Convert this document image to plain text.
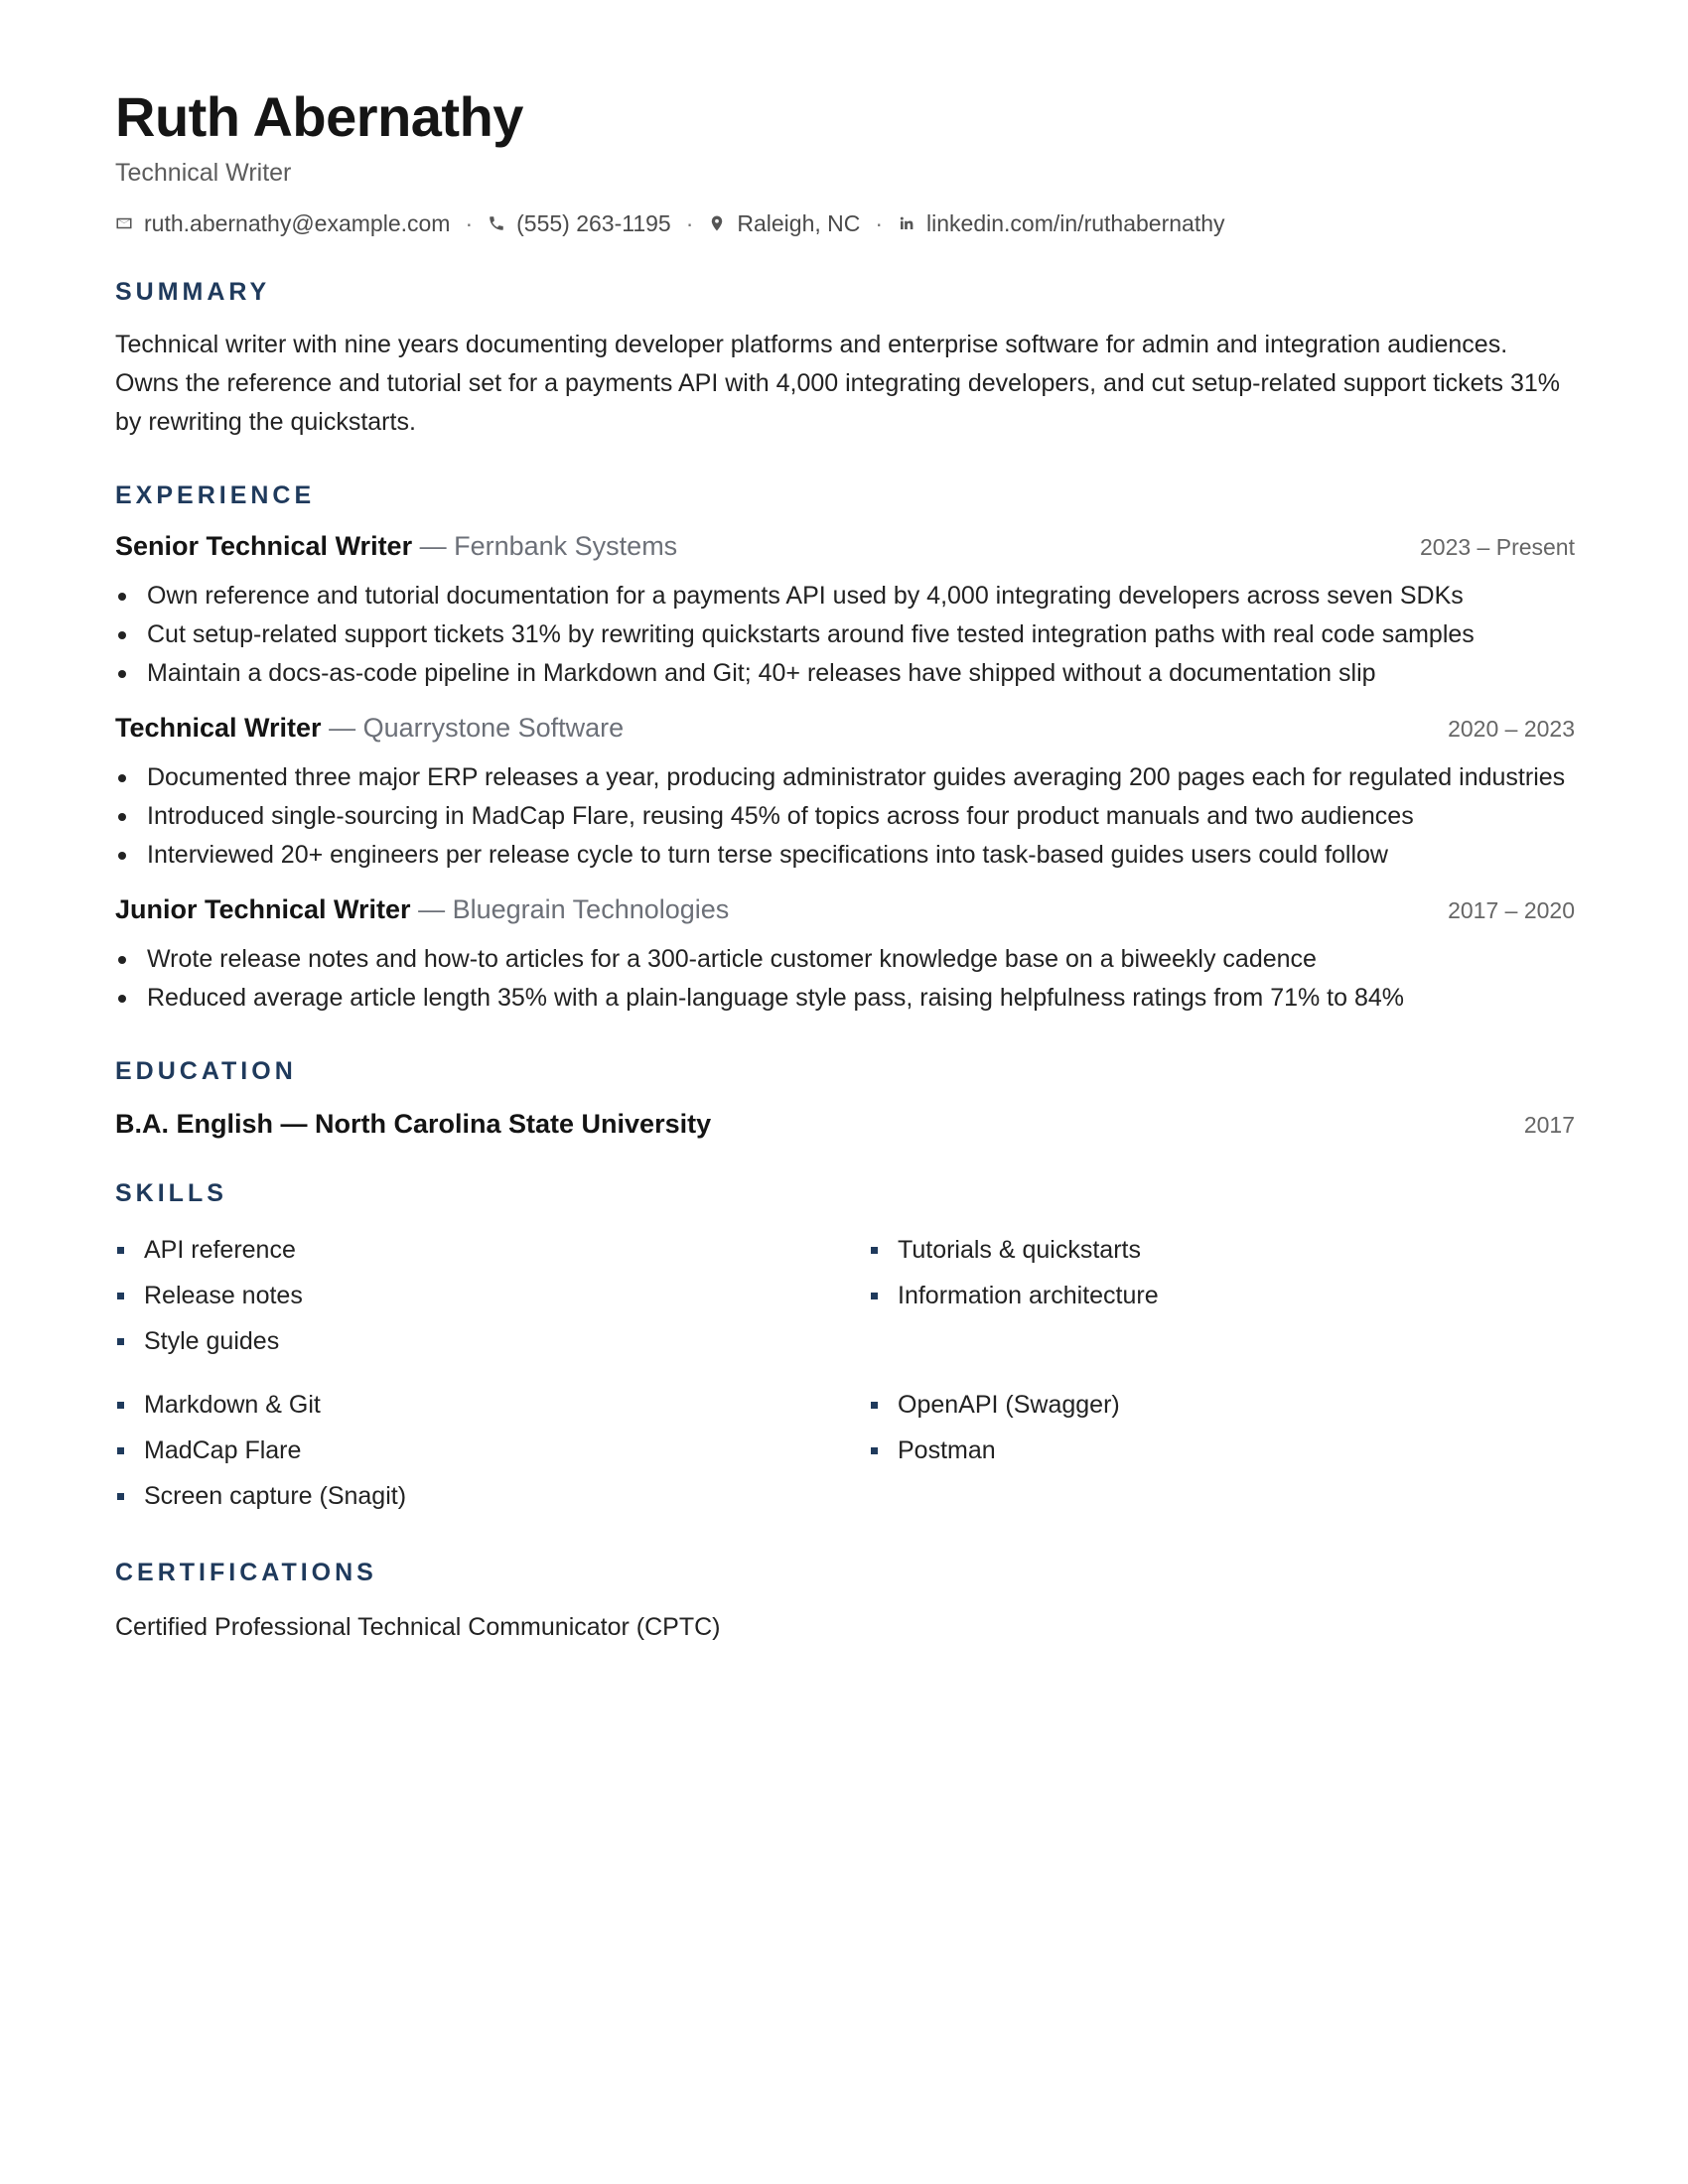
Ruth Abernathy
Technical Writer
ruth.abernathy@example.com · (555) 263-1195 · Raleigh, NC · linkedin.com/in/ruthabernathy
SUMMARY

Technical writer with nine years documenting developer platforms and enterprise software for admin and integration audiences. Owns the reference and tutorial set for a payments API with 4,000 integrating developers, and cut setup-related support tickets 31% by rewriting the quickstarts.

EXPERIENCE
Senior Technical Writer — Fernbank Systems	2023 – Present
Own reference and tutorial documentation for a payments API used by 4,000 integrating developers across seven SDKs
Cut setup-related support tickets 31% by rewriting quickstarts around five tested integration paths with real code samples
Maintain a docs-as-code pipeline in Markdown and Git; 40+ releases have shipped without a documentation slip
Technical Writer — Quarrystone Software	2020 – 2023
Documented three major ERP releases a year, producing administrator guides averaging 200 pages each for regulated industries
Introduced single-sourcing in MadCap Flare, reusing 45% of topics across four product manuals and two audiences
Interviewed 20+ engineers per release cycle to turn terse specifications into task-based guides users could follow
Junior Technical Writer — Bluegrain Technologies	2017 – 2020
Wrote release notes and how-to articles for a 300-article customer knowledge base on a biweekly cadence
Reduced average article length 35% with a plain-language style pass, raising helpfulness ratings from 71% to 84%
EDUCATION
B.A. English — North Carolina State University	2017
SKILLS
API reference
Release notes
Style guides
Tutorials & quickstarts
Information architecture
Markdown & Git
MadCap Flare
Screen capture (Snagit)
OpenAPI (Swagger)
Postman
CERTIFICATIONS
Certified Professional Technical Communicator (CPTC)
